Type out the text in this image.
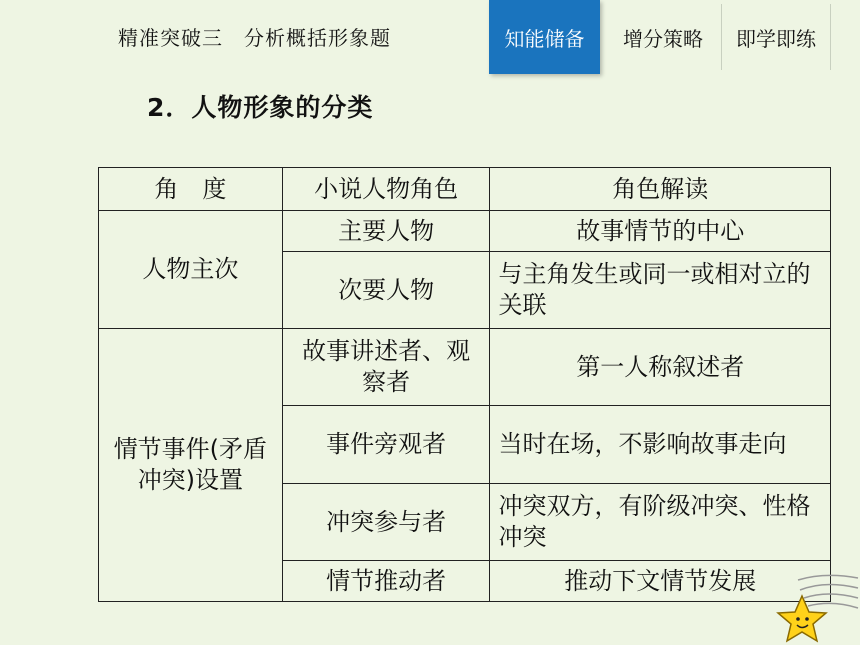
精准突破三　分析概括形象题	知能储备	增分策略	即学即练
2．人物形象的分类
角　度	小说人物角色	角色解读
人物主次	主要人物	故事情节的中心
	次要人物	与主角发生或同一或相对立的关联
情节事件(矛盾冲突)设置	故事讲述者、观察者	第一人称叙述者
	事件旁观者	当时在场，不影响故事走向
	冲突参与者	冲突双方，有阶级冲突、性格冲突
	情节推动者	推动下文情节发展
